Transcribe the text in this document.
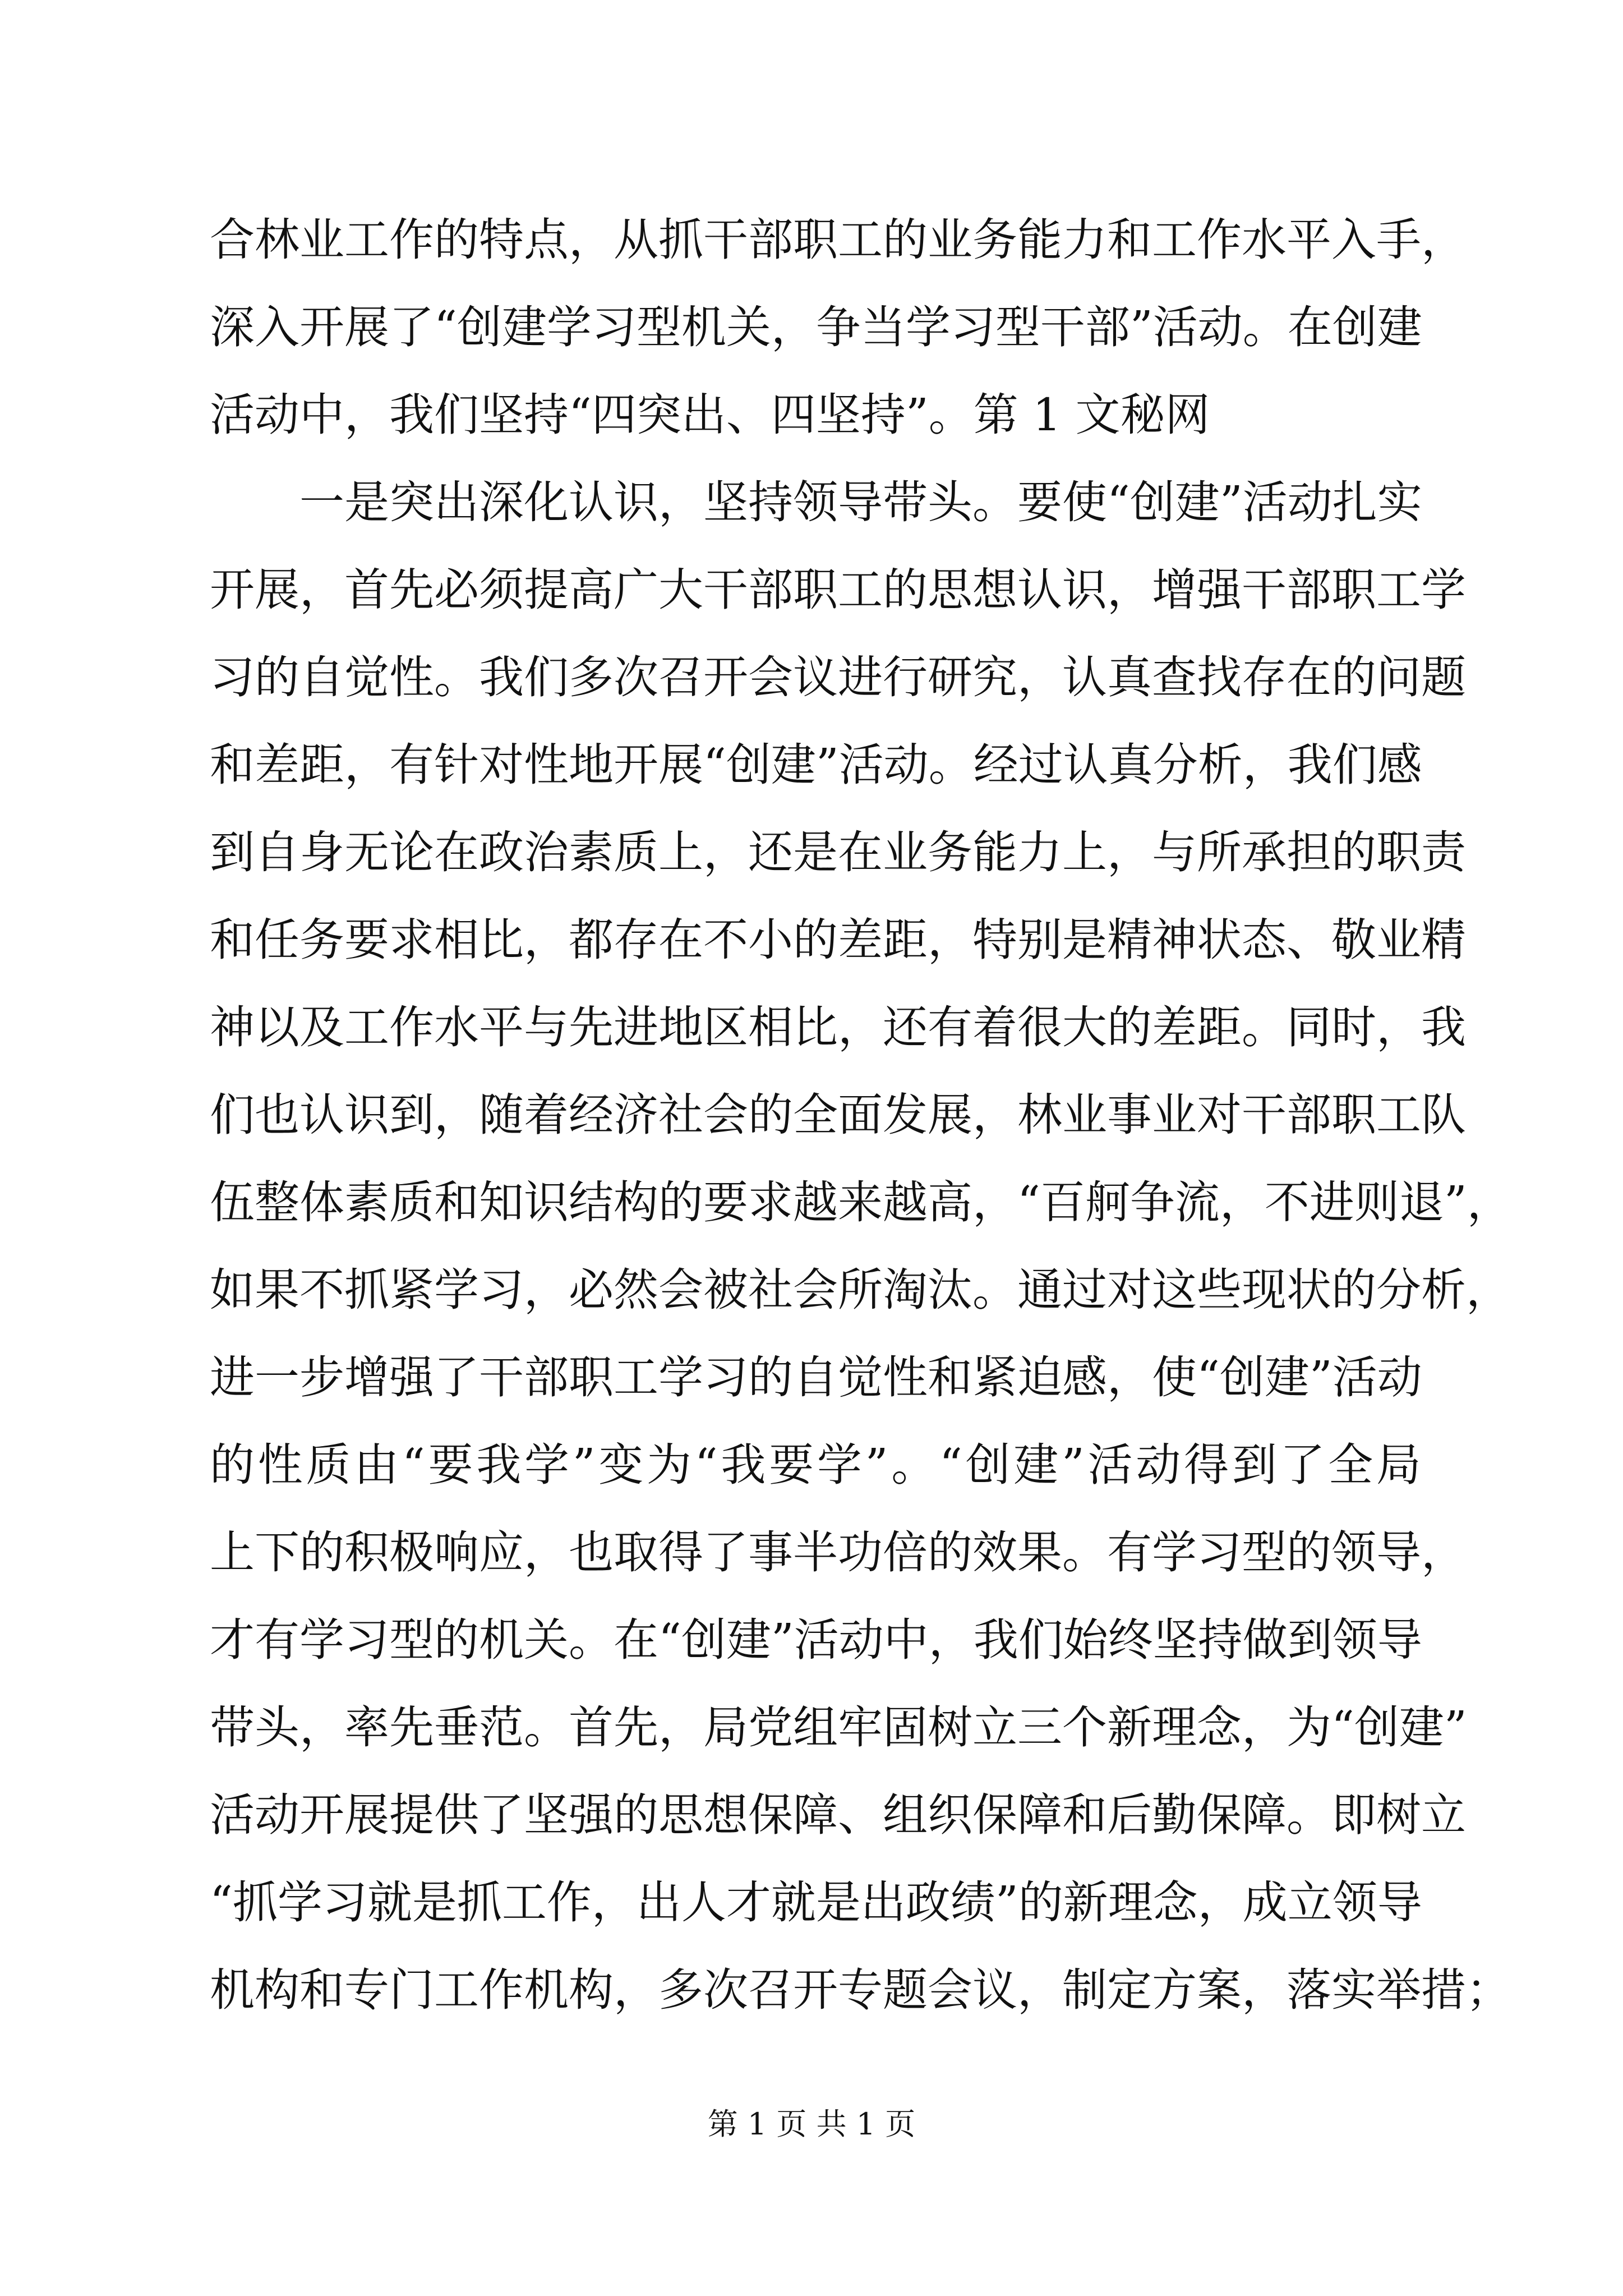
合林业工作的特点，从抓干部职工的业务能力和工作水平入手，
深入开展了“创建学习型机关，争当学习型干部”活动。在创建
活动中，我们坚持“四突出、四坚持”。第 1 文秘网
一是突出深化认识，坚持领导带头。要使“创建”活动扎实
开展，首先必须提高广大干部职工的思想认识，增强干部职工学
习的自觉性。我们多次召开会议进行研究，认真查找存在的问题
和差距，有针对性地开展“创建”活动。经过认真分析，我们感
到自身无论在政治素质上，还是在业务能力上，与所承担的职责
和任务要求相比，都存在不小的差距，特别是精神状态、敬业精
神以及工作水平与先进地区相比，还有着很大的差距。同时，我
们也认识到，随着经济社会的全面发展，林业事业对干部职工队
伍整体素质和知识结构的要求越来越高，“百舸争流，不进则退”，
如果不抓紧学习，必然会被社会所淘汰。通过对这些现状的分析，
进一步增强了干部职工学习的自觉性和紧迫感，使“创建”活动
的性质由“要我学”变为“我要学”。“创建”活动得到了全局
上下的积极响应，也取得了事半功倍的效果。有学习型的领导，
才有学习型的机关。在“创建”活动中，我们始终坚持做到领导
带头，率先垂范。首先，局党组牢固树立三个新理念，为“创建”
活动开展提供了坚强的思想保障、组织保障和后勤保障。即树立
“抓学习就是抓工作，出人才就是出政绩”的新理念，成立领导
机构和专门工作机构，多次召开专题会议，制定方案，落实举措；
第 1 页 共 1 页
